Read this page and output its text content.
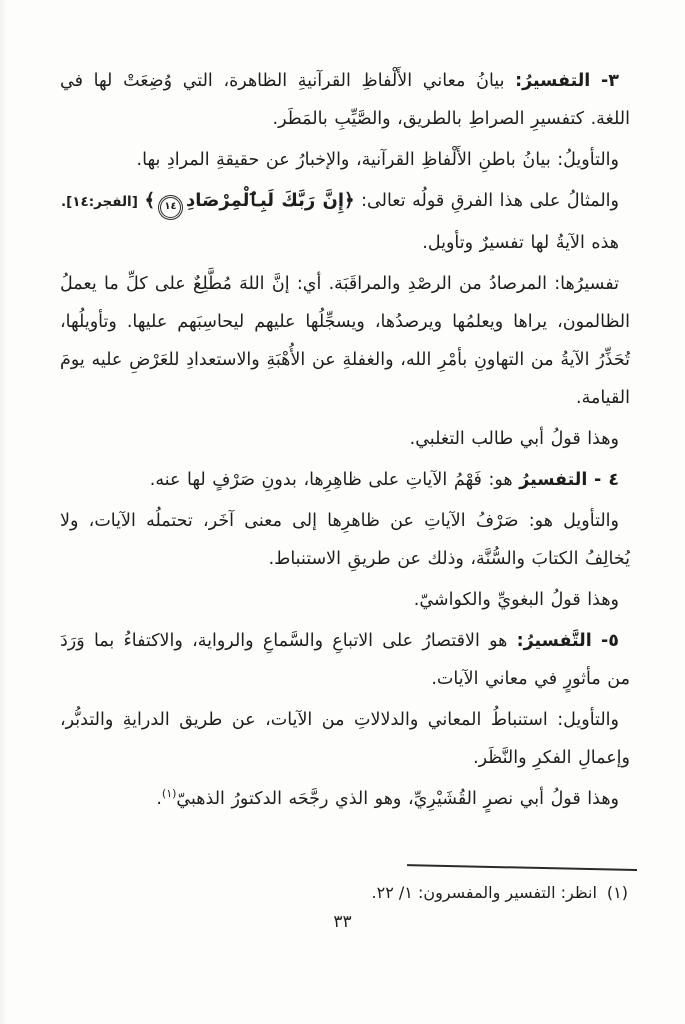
٣- التفسيرُ: بيانُ معاني الأَلْفاظِ القرآنيةِ الظاهرة، التي وُضِعَتْ لها في اللغة. كتفسيرِ الصراطِ بالطريق، والصَّيِّبِ بالمَطَر.

والتأويلُ: بيانُ باطنِ الأَلْفاظِ القرآنية، والإخبارُ عن حقيقةِ المرادِ بها.

والمثالُ على هذا الفرقِ قولُه تعالى: ﴿إِنَّ رَبَّكَ لَبِٱلْمِرْصَادِ
١٤
﴾ [الفجر:١٤].

هذه الآيةُ لها تفسيرٌ وتأويل.

تفسيرُها: المرصادُ من الرصْدِ والمراقَبَة. أي: إنَّ اللهَ مُطَّلِعٌ على كلِّ ما يعملُ الظالمون، يراها ويعلمُها ويرصدُها، ويسجِّلُها عليهم ليحاسِبَهم عليها. وتأويلُها، تُحَذِّرُ الآيةُ من التهاونِ بأمْرِ الله، والغفلةِ عن الأُهْبَةِ والاستعدادِ للعَرْضِ عليه يومَ القيامة.

وهذا قولُ أبي طالب التغلبي.

٤ - التفسيرُ هو: فَهْمُ الآياتِ على ظاهِرِها، بدونِ صَرْفٍ لها عنه.

والتأويل هو: صَرْفُ الآياتِ عن ظاهرِها إلى معنى آخَر، تحتملُه الآيات، ولا يُخالِفُ الكتابَ والسُّنَّة، وذلك عن طريقِ الاستنباط.

وهذا قولُ البغويِّ والكواشيّ.

٥- التَّفسيرُ: هو الاقتصارُ على الاتباعِ والسَّماعِ والرواية، والاكتفاءُ بما وَرَدَ من مأثورٍ في معاني الآيات.

والتأويل: استنباطُ المعاني والدلالاتِ من الآيات، عن طريق الدرايةِ والتدبُّر، وإعمالِ الفكرِ والنَّظَر.

وهذا قولُ أبي نصرٍ القُشَيْرِيِّ، وهو الذي رجَّحَه الدكتورُ الذهبيّ$^{(١)}$.

(١)انظر: التفسير والمفسرون: ١/ ٢٢.
٣٣
